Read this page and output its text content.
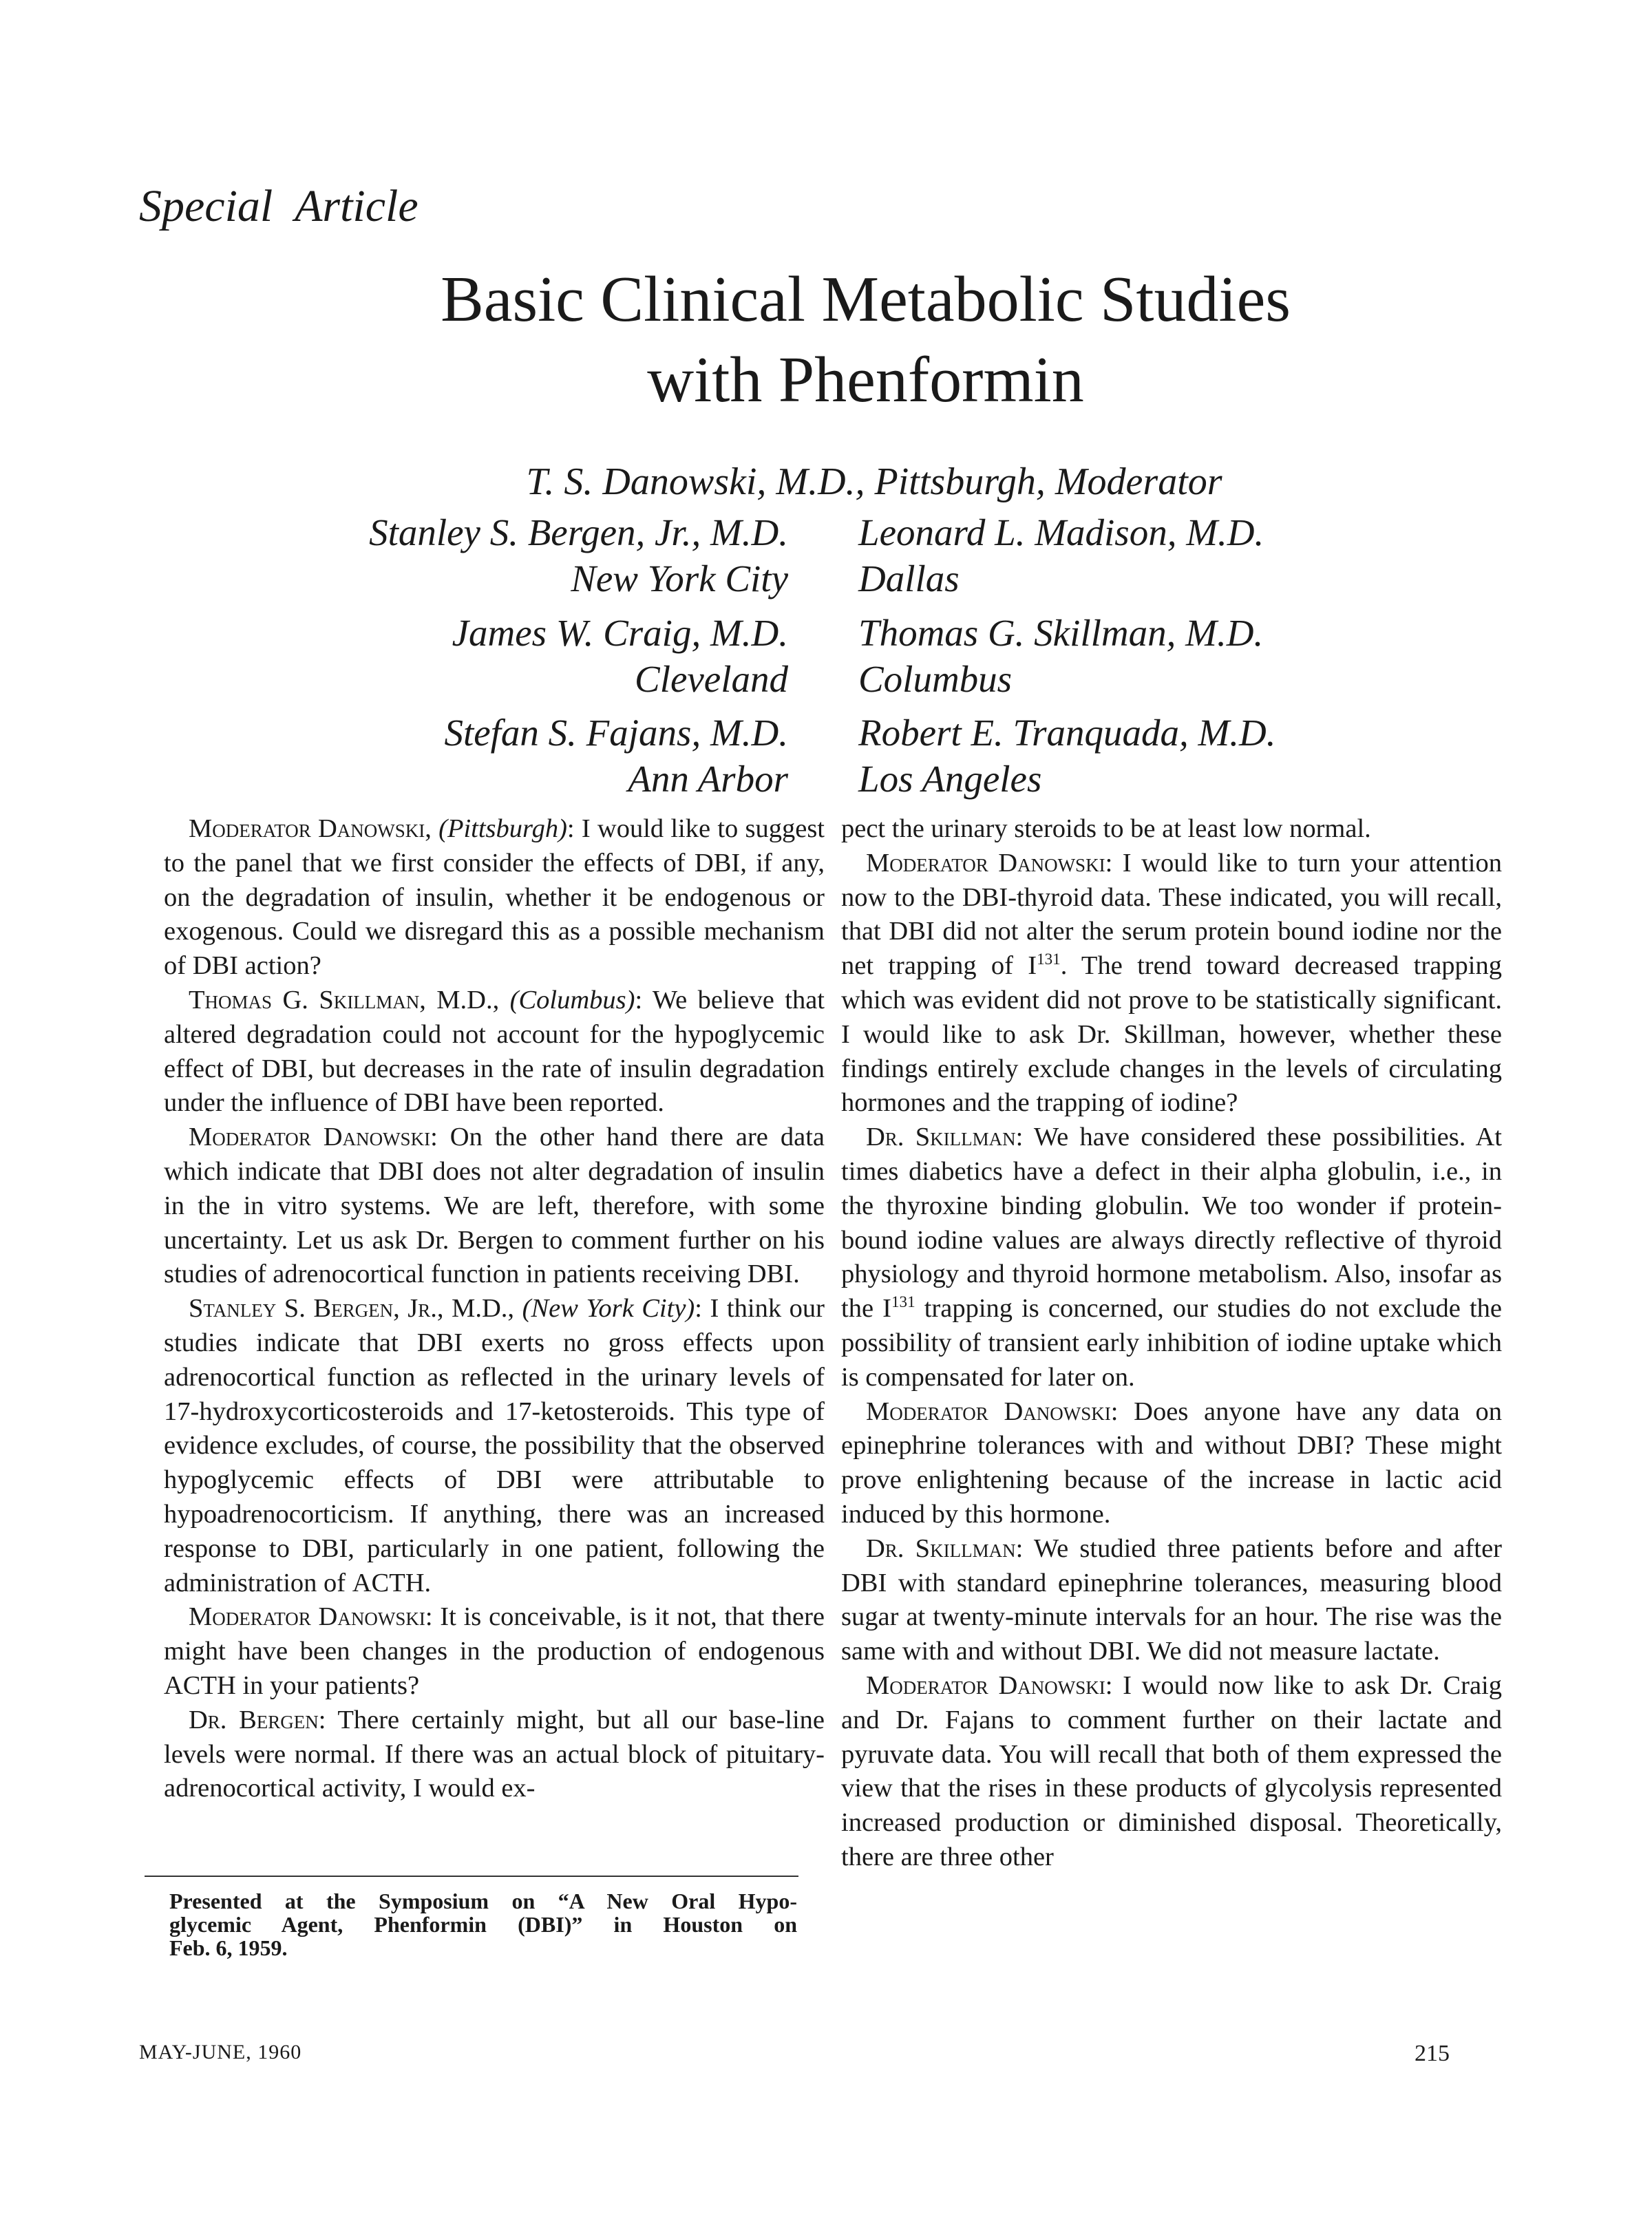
Special  Article
Basic Clinical Metabolic Studies
with Phenformin
T. S. Danowski, M.D., Pittsburgh, Moderator
Stanley S. Bergen, Jr., M.D.
New York City
James W. Craig, M.D.
Cleveland
Stefan S. Fajans, M.D.
Ann Arbor
Leonard L. Madison, M.D.
Dallas
Thomas G. Skillman, M.D.
Columbus
Robert E. Tranquada, M.D.
Los Angeles

Moderator Danowski, (Pittsburgh): I would like to suggest to the panel that we first consider the effects of DBI, if any, on the degradation of insulin, whether it be endogenous or exogenous. Could we disregard this as a possible mechanism of DBI action?

Thomas G. Skillman, M.D., (Columbus): We believe that altered degradation could not account for the hypoglycemic effect of DBI, but decreases in the rate of insulin degradation under the influence of DBI have been reported.

Moderator Danowski: On the other hand there are data which indicate that DBI does not alter degradation of insulin in the in vitro systems. We are left, therefore, with some uncertainty. Let us ask Dr. Bergen to comment further on his studies of adrenocortical function in patients receiving DBI.

Stanley S. Bergen, Jr., M.D., (New York City): I think our studies indicate that DBI exerts no gross effects upon adrenocortical function as reflected in the urinary levels of 17-hydroxycorticosteroids and 17-ketosteroids. This type of evidence excludes, of course, the possibility that the observed hypoglycemic effects of DBI were attributable to hypoadrenocorticism. If anything, there was an increased response to DBI, particularly in one patient, following the administration of ACTH.

Moderator Danowski: It is conceivable, is it not, that there might have been changes in the production of endogenous ACTH in your patients?

Dr. Bergen: There certainly might, but all our base-line levels were normal. If there was an actual block of pituitary-adrenocortical activity, I would ex-

pect the urinary steroids to be at least low normal.

Moderator Danowski: I would like to turn your attention now to the DBI-thyroid data. These indicated, you will recall, that DBI did not alter the serum protein bound iodine nor the net trapping of $I^{131}$. The trend toward decreased trapping which was evident did not prove to be statistically significant. I would like to ask Dr. Skillman, however, whether these findings entirely exclude changes in the levels of circulating hormones and the trapping of iodine?

Dr. Skillman: We have considered these possibilities. At times diabetics have a defect in their alpha globulin, i.e., in the thyroxine binding globulin. We too wonder if protein-bound iodine values are always directly reflective of thyroid physiology and thyroid hormone metabolism. Also, insofar as the $I^{131}$ trapping is concerned, our studies do not exclude the possibility of transient early inhibition of iodine uptake which is compensated for later on.

Moderator Danowski: Does anyone have any data on epinephrine tolerances with and without DBI? These might prove enlightening because of the increase in lactic acid induced by this hormone.

Dr. Skillman: We studied three patients before and after DBI with standard epinephrine tolerances, measuring blood sugar at twenty-minute intervals for an hour. The rise was the same with and without DBI. We did not measure lactate.

Moderator Danowski: I would now like to ask Dr. Craig and Dr. Fajans to comment further on their lactate and pyruvate data. You will recall that both of them expressed the view that the rises in these products of glycolysis represented increased production or diminished disposal. Theoretically, there are three other

Presented at the Symposium on “A New Oral Hypo-
glycemic Agent, Phenformin (DBI)” in Houston on
Feb. 6, 1959.
MAY-JUNE, 1960	215
